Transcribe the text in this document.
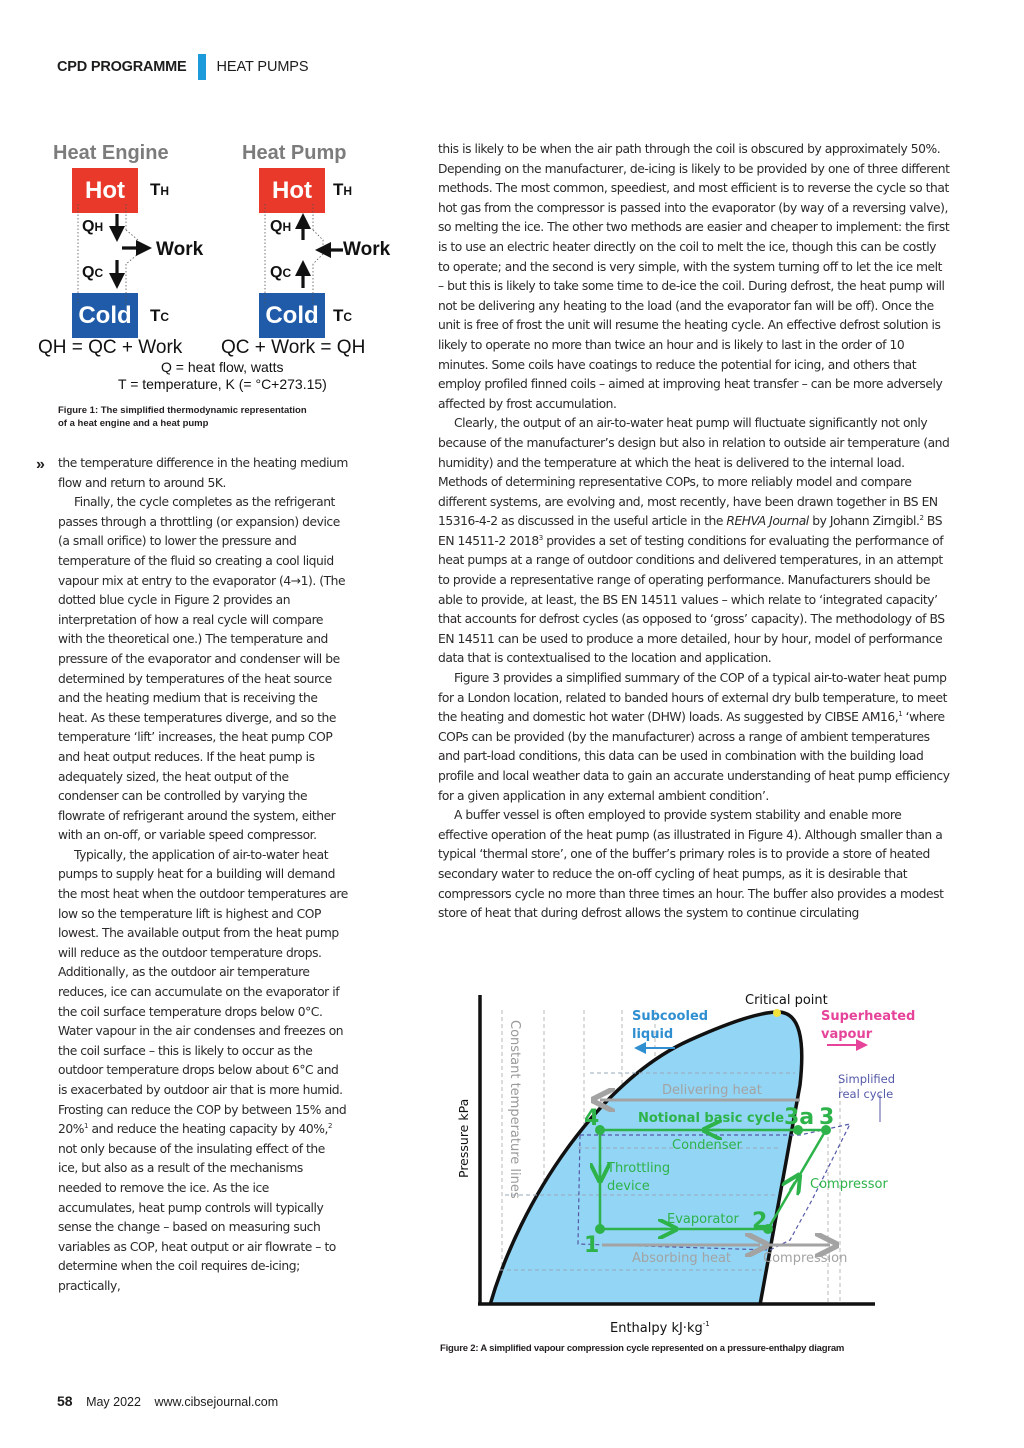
CPD PROGRAMME HEAT PUMPS
Heat Engine
Hot
Cold
TH
TC
QH
QC
Work
Heat Pump
Hot
Cold
TH
TC
QH
QC
Work
QH = QC + Work QC + Work = QH
Q = heat flow, watts
T = temperature, K (= °C+273.15)
Figure 1: The simplified thermodynamic representation of a heat engine and a heat pump
» the temperature difference in the heating medium flow and return to around 5K.

Finally, the cycle completes as the refrigerant passes through a throttling (or expansion) device (a small orifice) to lower the pressure and temperature of the fluid so creating a cool liquid vapour mix at entry to the evaporator (4→1). (The dotted blue cycle in Figure 2 provides an interpretation of how a real cycle will compare with the theoretical one.) The temperature and pressure of the evaporator and condenser will be determined by temperatures of the heat source and the heating medium that is receiving the heat. As these temperatures diverge, and so the temperature ‘lift’ increases, the heat pump COP and heat output reduces. If the heat pump is adequately sized, the heat output of the condenser can be controlled by varying the flowrate of refrigerant around the system, either with an on-off, or variable speed compressor.

Typically, the application of air-to-water heat pumps to supply heat for a building will demand the most heat when the outdoor temperatures are low so the temperature lift is highest and COP lowest. The available output from the heat pump will reduce as the outdoor temperature drops. Additionally, as the outdoor air temperature reduces, ice can accumulate on the evaporator if the coil surface temperature drops below 0°C. Water vapour in the air condenses and freezes on the coil surface – this is likely to occur as the outdoor temperature drops below about 6°C and is exacerbated by outdoor air that is more humid. Frosting can reduce the COP by between 15% and 20%$^1$ and reduce the heating capacity by 40%,$^2$ not only because of the insulating effect of the ice, but also as a result of the mechanisms needed to remove the ice. As the ice accumulates, heat pump controls will typically sense the change – based on measuring such variables as COP, heat output or air flowrate – to determine when the coil requires de-icing; practically,

this is likely to be when the air path through the coil is obscured by approximately 50%. Depending on the manufacturer, de-icing is likely to be provided by one of three different methods. The most common, speediest, and most efficient is to reverse the cycle so that hot gas from the compressor is passed into the evaporator (by way of a reversing valve), so melting the ice. The other two methods are easier and cheaper to implement: the first is to use an electric heater directly on the coil to melt the ice, though this can be costly to operate; and the second is very simple, with the system turning off to let the ice melt – but this is likely to take some time to de-ice the coil. During defrost, the heat pump will not be delivering any heating to the load (and the evaporator fan will be off). Once the unit is free of frost the unit will resume the heating cycle. An effective defrost solution is likely to operate no more than twice an hour and is likely to last in the order of 10 minutes. Some coils have coatings to reduce the potential for icing, and others that employ profiled finned coils – aimed at improving heat transfer – can be more adversely affected by frost accumulation.

Clearly, the output of an air-to-water heat pump will fluctuate significantly not only because of the manufacturer’s design but also in relation to outside air temperature (and humidity) and the temperature at which the heat is delivered to the internal load. Methods of determining representative COPs, to more reliably model and compare different systems, are evolving and, most recently, have been drawn together in BS EN 15316-4-2 as discussed in the useful article in the REHVA Journal by Johann Zirngibl.$^2$ BS EN 14511-2 2018$^3$ provides a set of testing conditions for evaluating the performance of heat pumps at a range of outdoor conditions and delivered temperatures, in an attempt to provide a representative range of operating performance. Manufacturers should be able to provide, at least, the BS EN 14511 values – which relate to ‘integrated capacity’ that accounts for defrost cycles (as opposed to ‘gross’ capacity). The methodology of BS EN 14511 can be used to produce a more detailed, hour by hour, model of performance data that is contextualised to the location and application.

Figure 3 provides a simplified summary of the COP of a typical air-to-water heat pump for a London location, related to banded hours of external dry bulb temperature, to meet the heating and domestic hot water (DHW) loads. As suggested by CIBSE AM16,$^1$ ‘where COPs can be provided (by the manufacturer) across a range of ambient temperatures and part-load conditions, this data can be used in combination with the building load profile and local weather data to gain an accurate understanding of heat pump efficiency for a given application in any external ambient condition’.

A buffer vessel is often employed to provide system stability and enable more effective operation of the heat pump (as illustrated in Figure 4). Although smaller than a typical ‘thermal store’, one of the buffer’s primary roles is to provide a store of heated secondary water to reduce the on-off cycling of heat pumps, as it is desirable that compressors cycle no more than three times an hour. The buffer also provides a modest store of heat that during defrost allows the system to continue circulating

Pressure kPa	Constant temperature lines
Critical point
Subcooled
liquid
Superheated
vapour
Simplified
real cycle
Delivering heat
Notional basic cycle
Condenser
Throttling
device
Evaporator
Compressor
Absorbing heat Compression
4	3a 3
1
2
Enthalpy $kJ\cdot kg^{-1}$
Figure 2: A simplified vapour compression cycle represented on a pressure-enthalpy diagram
58 May 2022 www.cibsejournal.com
